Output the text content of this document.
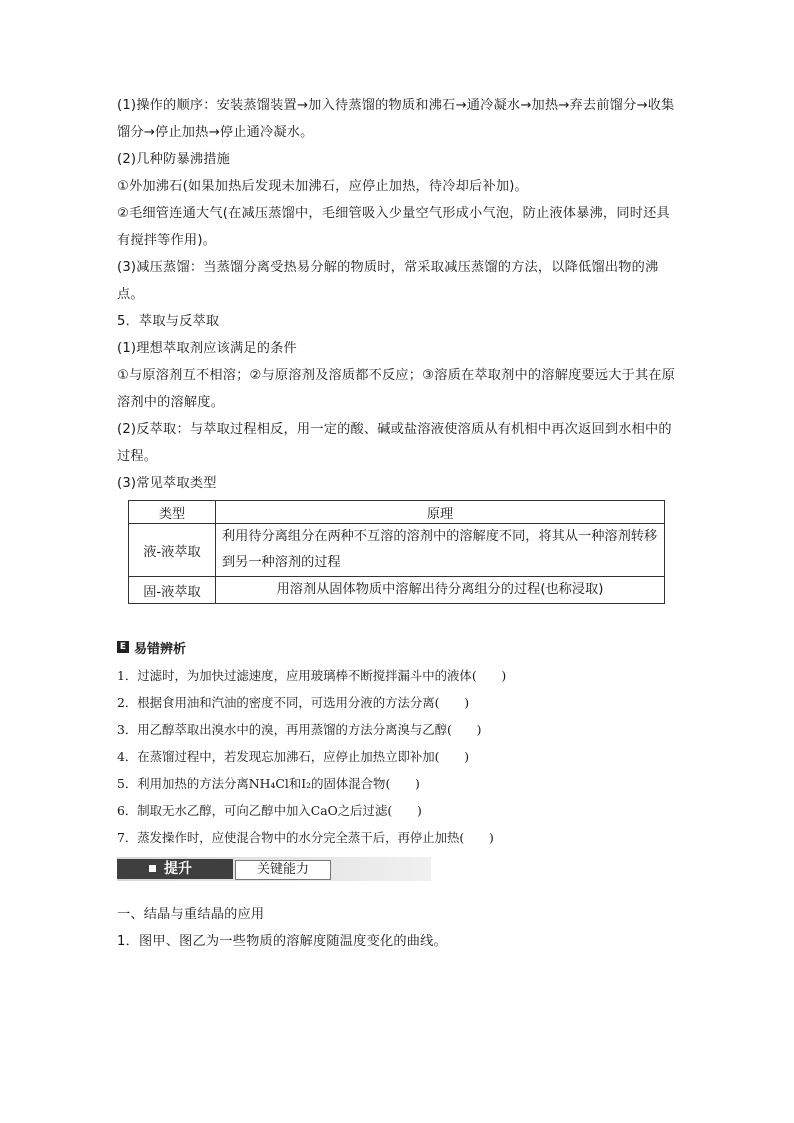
(1)操作的顺序：安装蒸馏装置→加入待蒸馏的物质和沸石→通冷凝水→加热→弃去前馏分→收集馏分→停止加热→停止通冷凝水。

(2)几种防暴沸措施

①外加沸石(如果加热后发现未加沸石，应停止加热，待冷却后补加)。

②毛细管连通大气(在减压蒸馏中，毛细管吸入少量空气形成小气泡，防止液体暴沸，同时还具有搅拌等作用)。

(3)减压蒸馏：当蒸馏分离受热易分解的物质时，常采取减压蒸馏的方法，以降低馏出物的沸点。

5．萃取与反萃取

(1)理想萃取剂应该满足的条件

①与原溶剂互不相溶；②与原溶剂及溶质都不反应；③溶质在萃取剂中的溶解度要远大于其在原溶剂中的溶解度。

(2)反萃取：与萃取过程相反，用一定的酸、碱或盐溶液使溶质从有机相中再次返回到水相中的过程。

(3)常见萃取类型

类型	原理
液-液萃取	利用待分离组分在两种不互溶的溶剂中的溶解度不同，将其从一种溶剂转移到另一种溶剂的过程
固-液萃取	用溶剂从固体物质中溶解出待分离组分的过程(也称浸取)
E 易错辨析
1．过滤时，为加快过滤速度，应用玻璃棒不断搅拌漏斗中的液体(　　)
2．根据食用油和汽油的密度不同，可选用分液的方法分离(　　)
3．用乙醇萃取出溴水中的溴，再用蒸馏的方法分离溴与乙醇(　　)
4．在蒸馏过程中，若发现忘加沸石，应停止加热立即补加(　　)
5．利用加热的方法分离NH₄Cl和I₂的固体混合物(　　)
6．制取无水乙醇，可向乙醇中加入CaO之后过滤(　　)
7．蒸发操作时，应使混合物中的水分完全蒸干后，再停止加热(　　)
提升	关键能力

一、结晶与重结晶的应用

1．图甲、图乙为一些物质的溶解度随温度变化的曲线。
